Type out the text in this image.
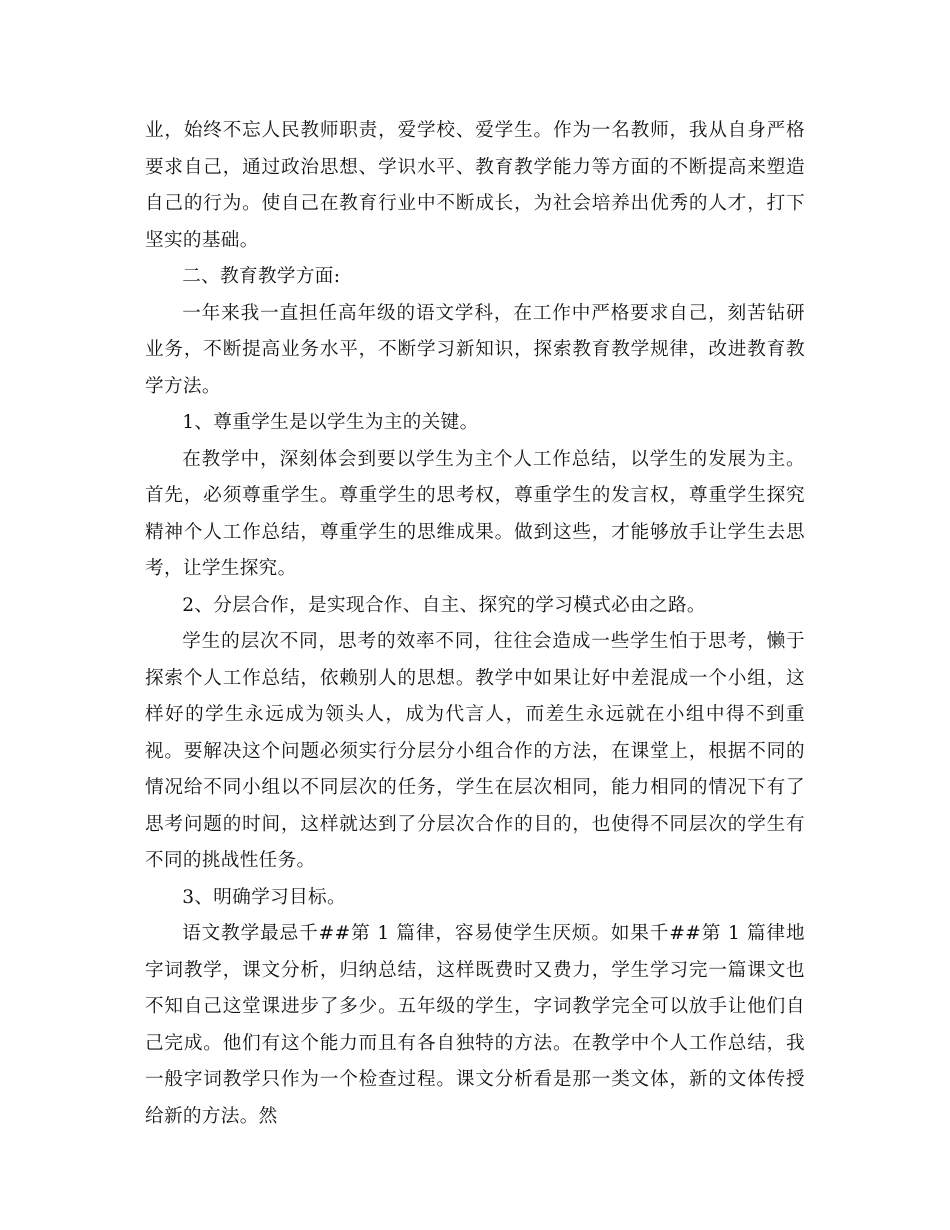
业，始终不忘人民教师职责，爱学校、爱学生。作为一名教师，我从自身严格要求自己，通过政治思想、学识水平、教育教学能力等方面的不断提高来塑造自己的行为。使自己在教育行业中不断成长，为社会培养出优秀的人才，打下坚实的基础。

二、教育教学方面:

一年来我一直担任高年级的语文学科，在工作中严格要求自己，刻苦钻研业务，不断提高业务水平，不断学习新知识，探索教育教学规律，改进教育教学方法。

1、尊重学生是以学生为主的关键。

在教学中，深刻体会到要以学生为主个人工作总结，以学生的发展为主。首先，必须尊重学生。尊重学生的思考权，尊重学生的发言权，尊重学生探究精神个人工作总结，尊重学生的思维成果。做到这些，才能够放手让学生去思考，让学生探究。

2、分层合作，是实现合作、自主、探究的学习模式必由之路。

学生的层次不同，思考的效率不同，往往会造成一些学生怕于思考，懒于探索个人工作总结，依赖别人的思想。教学中如果让好中差混成一个小组，这样好的学生永远成为领头人，成为代言人，而差生永远就在小组中得不到重视。要解决这个问题必须实行分层分小组合作的方法，在课堂上，根据不同的情况给不同小组以不同层次的任务，学生在层次相同，能力相同的情况下有了思考问题的时间，这样就达到了分层次合作的目的，也使得不同层次的学生有不同的挑战性任务。

3、明确学习目标。

语文教学最忌千##第 1 篇律，容易使学生厌烦。如果千##第 1 篇律地字词教学，课文分析，归纳总结，这样既费时又费力，学生学习完一篇课文也不知自己这堂课进步了多少。五年级的学生，字词教学完全可以放手让他们自己完成。他们有这个能力而且有各自独特的方法。在教学中个人工作总结，我一般字词教学只作为一个检查过程。课文分析看是那一类文体，新的文体传授给新的方法。然
